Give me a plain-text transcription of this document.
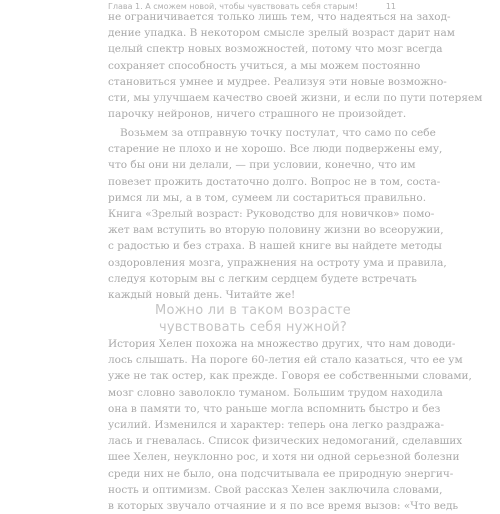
Глава 1. А сможем новой, чтобы чувствовать себя старым!	11

не ограничивается только лишь тем, что надеяться на заход-
дение упадка. В некотором смысле зрелый возраст дарит нам
целый спектр новых возможностей, потому что мозг всегда
сохраняет способность учиться, а мы можем постоянно
становиться умнее и мудрее. Реализуя эти новые возможно-
сти, мы улучшаем качество своей жизни, и если по пути потеряем
парочку нейронов, ничего страшного не произойдет.

Возьмем за отправную точку постулат, что само по себе
старение не плохо и не хорошо. Все люди подвержены ему,
что бы они ни делали, — при условии, конечно, что им
повезет прожить достаточно долго. Вопрос не в том, соста-
римся ли мы, а в том, сумеем ли состариться правильно.
Книга «Зрелый возраст: Руководство для новичков» помо-
жет вам вступить во вторую половину жизни во всеоружии,
с радостью и без страха. В нашей книге вы найдете методы
оздоровления мозга, упражнения на остроту ума и правила,
следуя которым вы с легким сердцем будете встречать
каждый новый день. Читайте же!

Можно ли в таком возрасте
чувствовать себя нужной?

История Хелен похожа на множество других, что нам доводи-
лось слышать. На пороге 60-летия ей стало казаться, что ее ум
уже не так остер, как прежде. Говоря ее собственными словами,
мозг словно заволокло туманом. Большим трудом находила
она в памяти то, что раньше могла вспомнить быстро и без
усилий. Изменился и характер: теперь она легко раздража-
лась и гневалась. Список физических недомоганий, сделавших
шее Хелен, неуклонно рос, и хотя ни одной серьезной болезни
среди них не было, она подсчитывала ее природную энергич-
ность и оптимизм. Свой рассказ Хелен заключила словами,
в которых звучало отчаяние и я по все время вызов: «Что ведь
